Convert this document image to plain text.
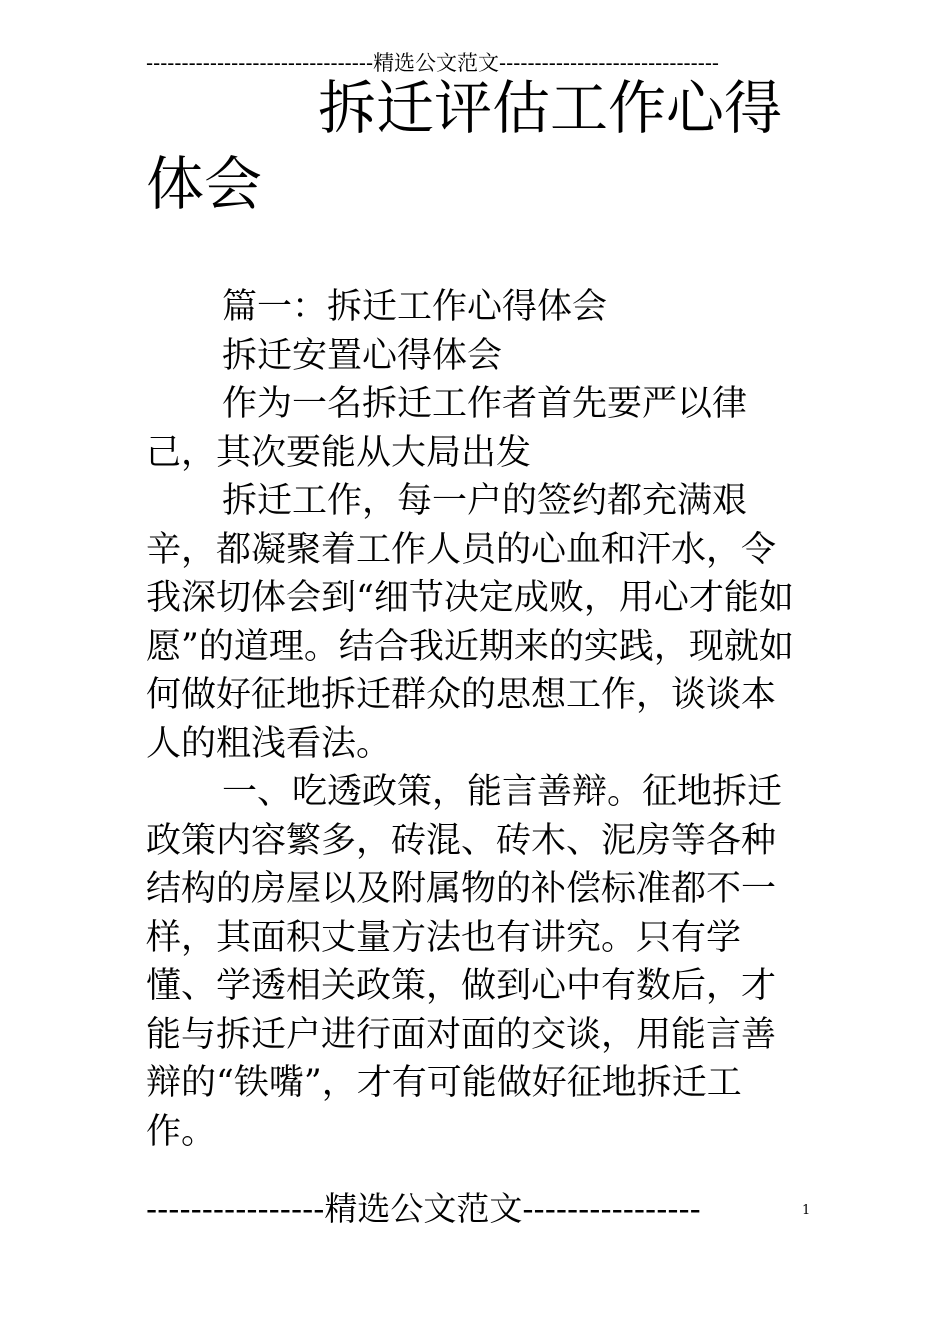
--------------------------------精选公文范文-------------------------------
拆迁评估工作心得体会

篇一：拆迁工作心得体会

拆迁安置心得体会

作为一名拆迁工作者首先要严以律己，其次要能从大局出发

拆迁工作，每一户的签约都充满艰辛，都凝聚着工作人员的心血和汗水，令我深切体会到“细节决定成败，用心才能如愿”的道理。结合我近期来的实践，现就如何做好征地拆迁群众的思想工作，谈谈本人的粗浅看法。

一、吃透政策，能言善辩。征地拆迁政策内容繁多，砖混、砖木、泥房等各种结构的房屋以及附属物的补偿标准都不一样，其面积丈量方法也有讲究。只有学懂、学透相关政策，做到心中有数后，才能与拆迁户进行面对面的交谈，用能言善辩的“铁嘴”，才有可能做好征地拆迁工作。

----------------精选公文范文----------------	1
